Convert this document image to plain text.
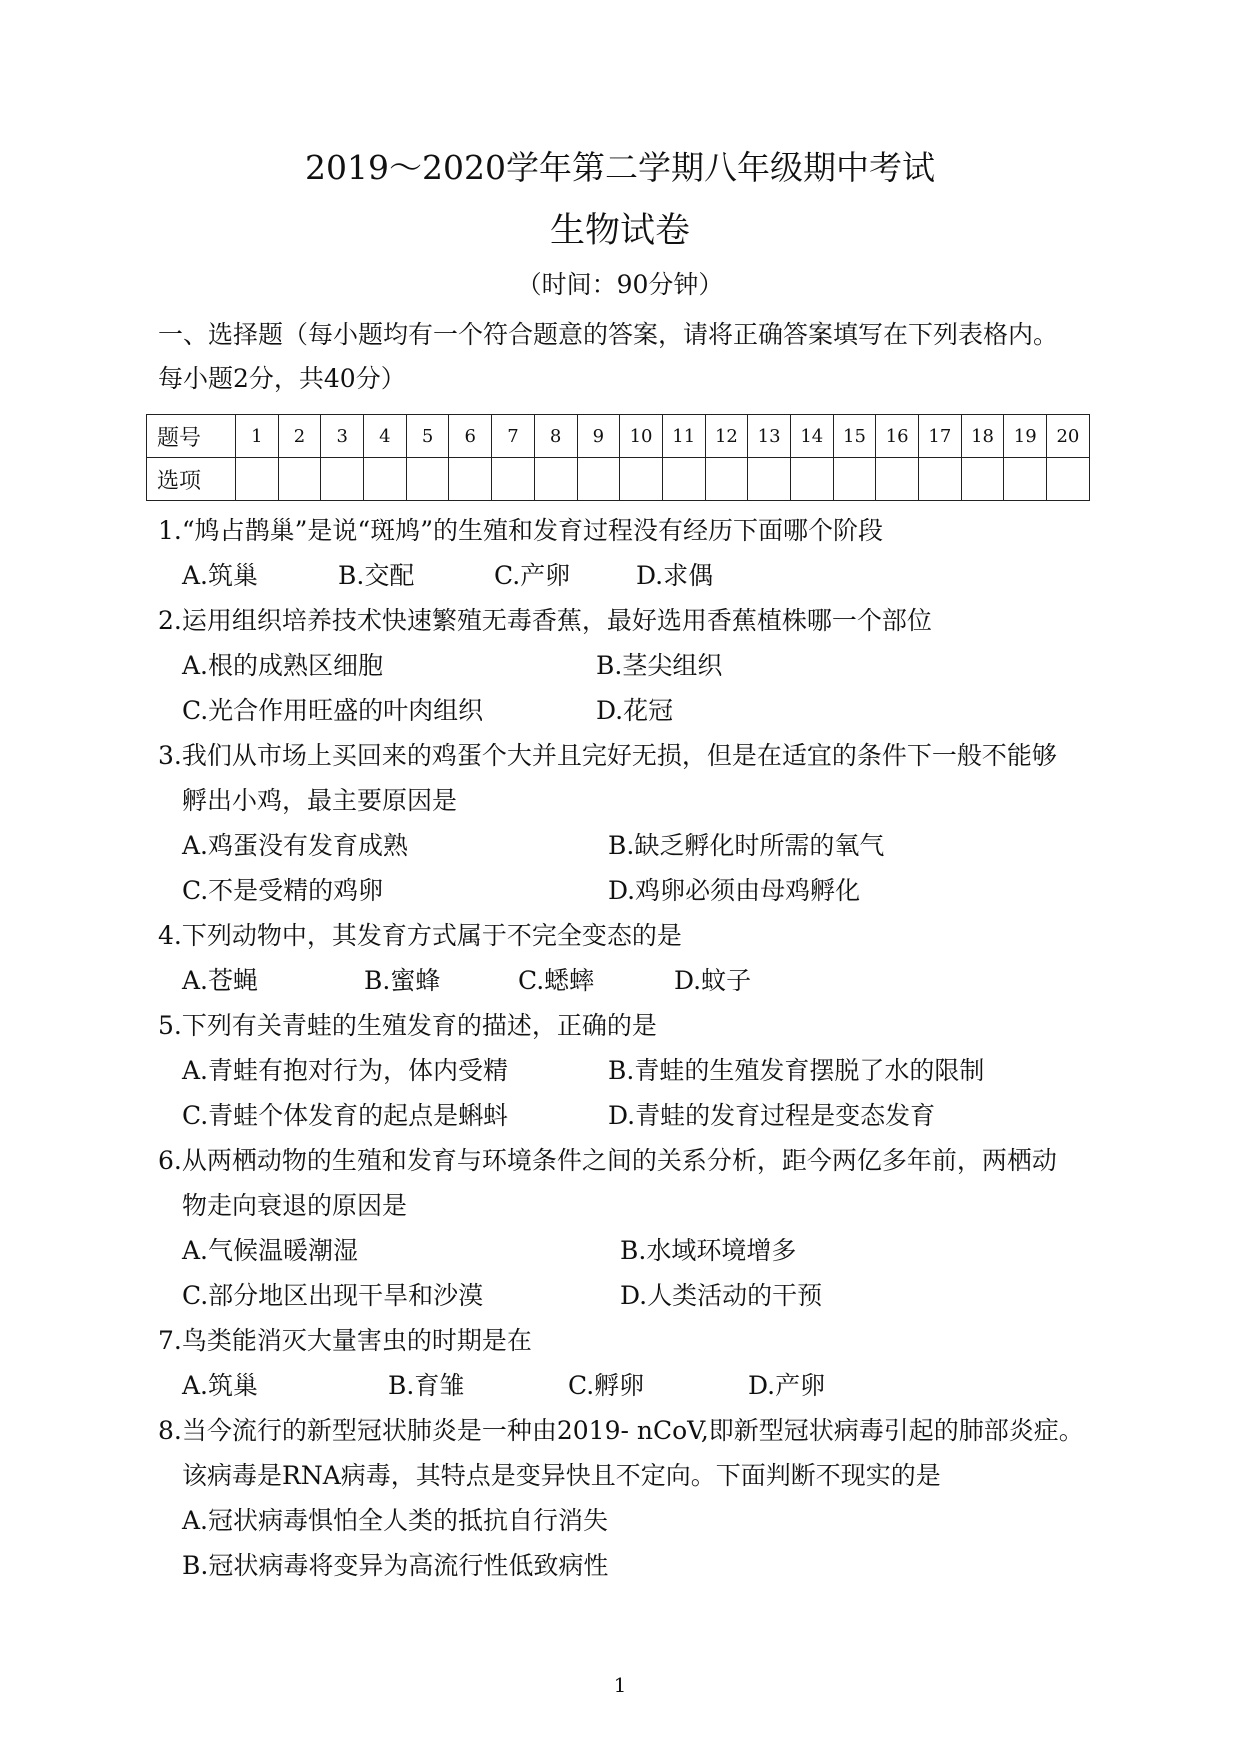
2019～2020学年第二学期八年级期中考试
生物试卷
（时间：90分钟）
一、选择题（每小题均有一个符合题意的答案，请将正确答案填写在下列表格内。
每小题2分，共40分）
题号	1	2	3	4	5	6	7	8	9	10	11	12	13	14	15	16	17	18	19	20
选项																				
1.“鸠占鹊巢”是说“斑鸠”的生殖和发育过程没有经历下面哪个阶段
A.筑巢	B.交配	C.产卵	D.求偶
2.运用组织培养技术快速繁殖无毒香蕉，最好选用香蕉植株哪一个部位
A.根的成熟区细胞	B.茎尖组织
C.光合作用旺盛的叶肉组织	D.花冠
3.我们从市场上买回来的鸡蛋个大并且完好无损，但是在适宜的条件下一般不能够
孵出小鸡，最主要原因是
A.鸡蛋没有发育成熟	B.缺乏孵化时所需的氧气
C.不是受精的鸡卵	D.鸡卵必须由母鸡孵化
4.下列动物中，其发育方式属于不完全变态的是
A.苍蝇	B.蜜蜂	C.蟋蟀	D.蚊子
5.下列有关青蛙的生殖发育的描述，正确的是
A.青蛙有抱对行为，体内受精	B.青蛙的生殖发育摆脱了水的限制
C.青蛙个体发育的起点是蝌蚪	D.青蛙的发育过程是变态发育
6.从两栖动物的生殖和发育与环境条件之间的关系分析，距今两亿多年前，两栖动
物走向衰退的原因是
A.气候温暖潮湿	B.水域环境增多
C.部分地区出现干旱和沙漠	D.人类活动的干预
7.鸟类能消灭大量害虫的时期是在
A.筑巢	B.育雏	C.孵卵	D.产卵
8.当今流行的新型冠状肺炎是一种由2019- nCoV,即新型冠状病毒引起的肺部炎症。
该病毒是RNA病毒，其特点是变异快且不定向。下面判断不现实的是
A.冠状病毒惧怕全人类的抵抗自行消失
B.冠状病毒将变异为高流行性低致病性
1
